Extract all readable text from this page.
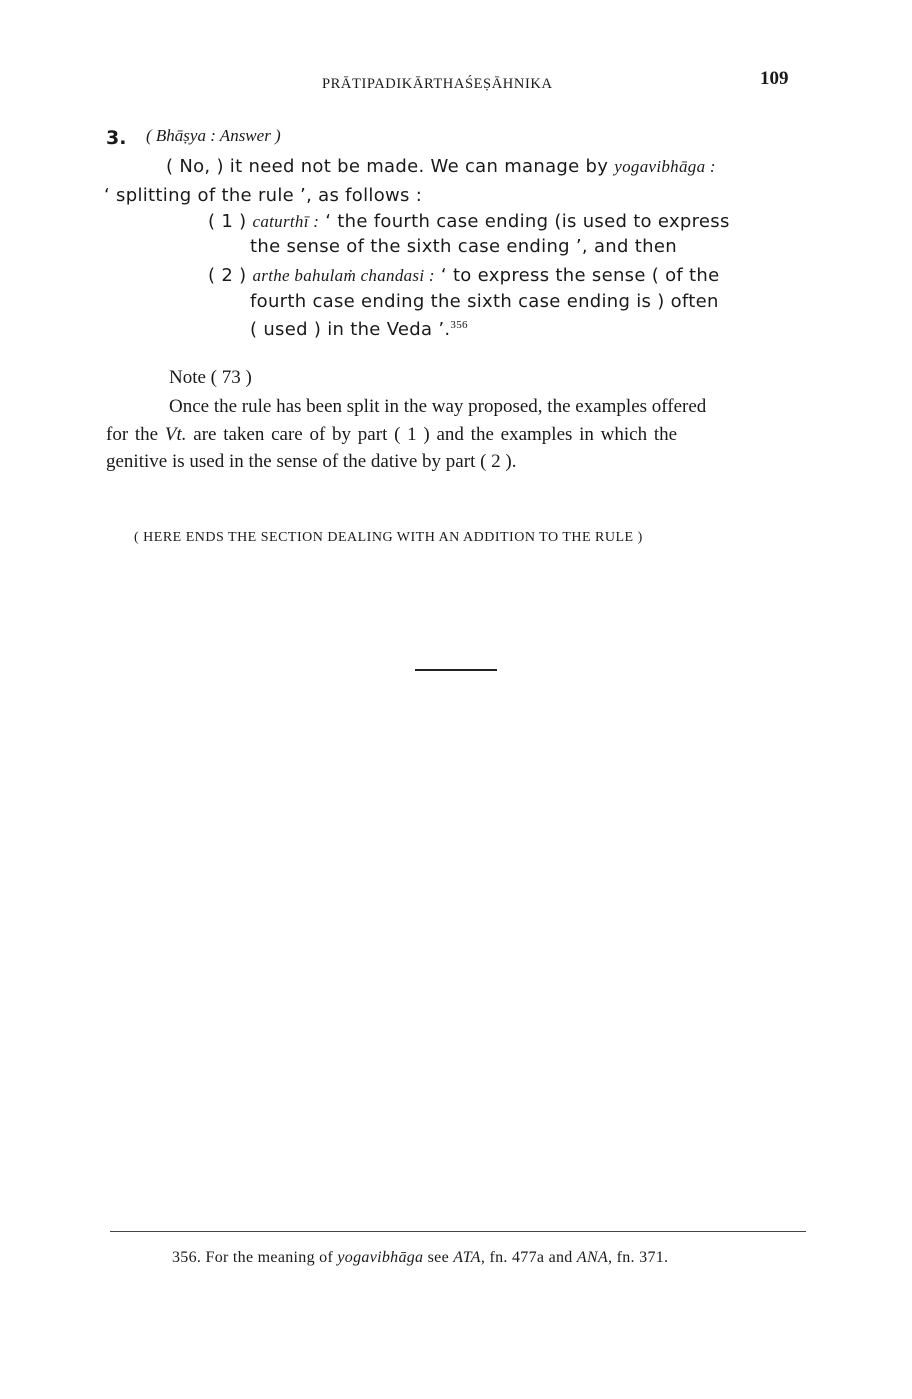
PRĀTIPADIKĀRTHAŚEṢĀHNIKA	109
3. ( Bhāṣya : Answer )
( No, ) it need not be made. We can manage by yogavibhāga :
‘ splitting of the rule ’, as follows :
( 1 ) caturthī : ‘ the fourth case ending (is used to express
the sense of the sixth case ending ’, and then
( 2 ) arthe bahulaṁ chandasi : ‘ to express the sense ( of the
fourth case ending the sixth case ending is ) often
( used ) in the Veda ’.$^{356}$
Note ( 73 )
Once the rule has been split in the way proposed, the examples offered
for the Vt. are taken care of by part ( 1 ) and the examples in which the
genitive is used in the sense of the dative by part ( 2 ).
( HERE ENDS THE SECTION DEALING WITH AN ADDITION TO THE RULE )
356. For the meaning of yogavibhāga see ATA, fn. 477a and ANA, fn. 371.
